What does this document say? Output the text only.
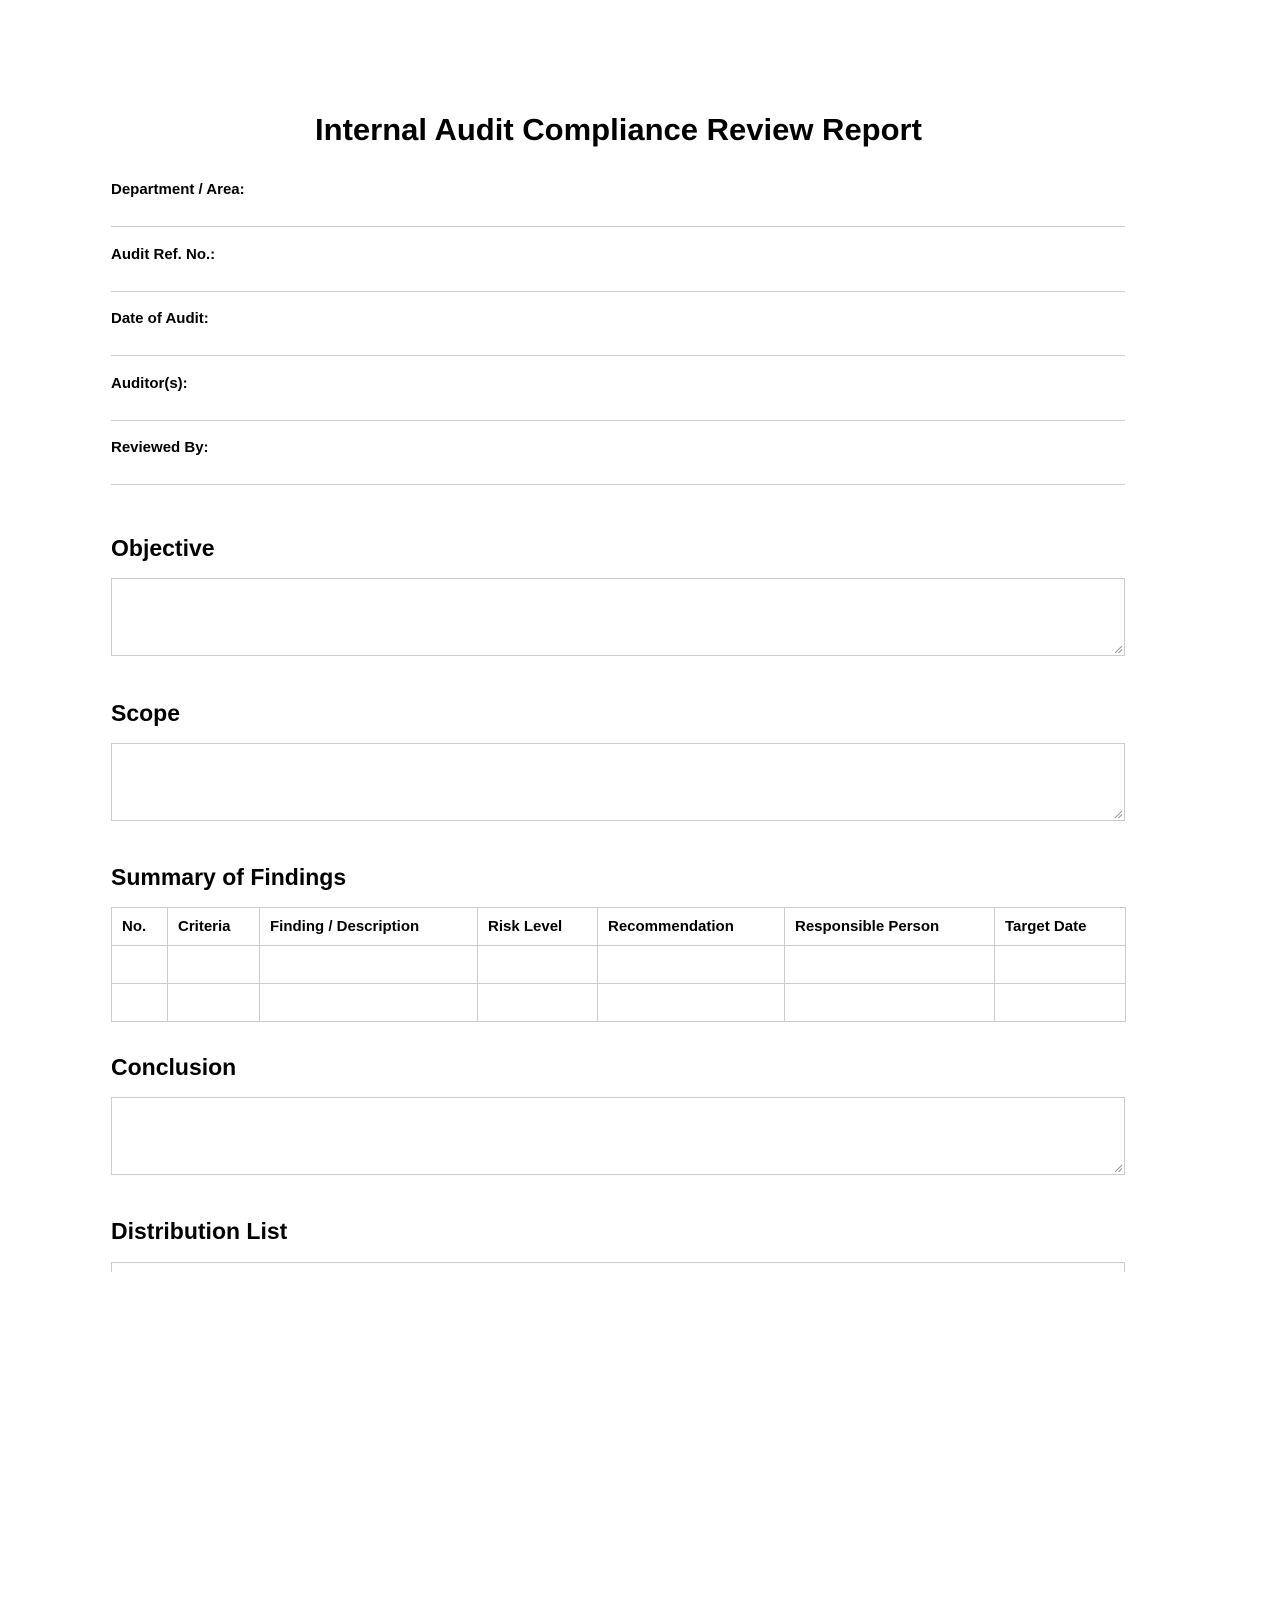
Internal Audit Compliance Review Report
Department / Area:
Audit Ref. No.:
Date of Audit:
Auditor(s):
Reviewed By:
Objective
Scope
Summary of Findings
No.	Criteria	Finding / Description	Risk Level	Recommendation	Responsible Person	Target Date

Conclusion
Distribution List
